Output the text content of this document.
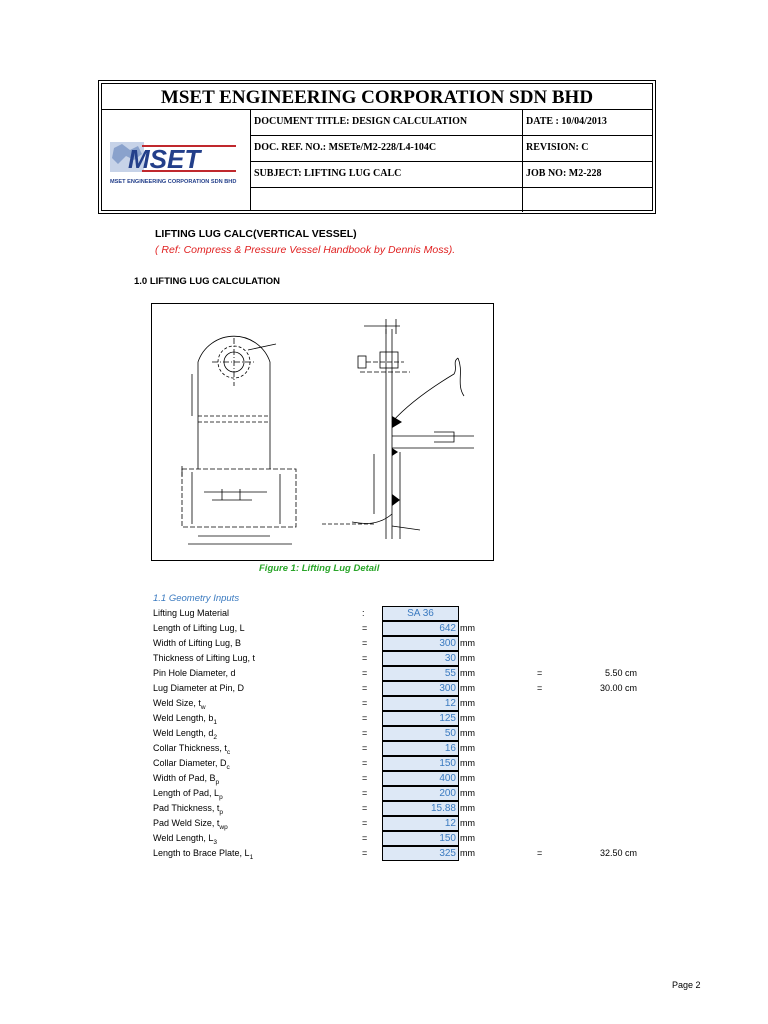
MSET ENGINEERING CORPORATION SDN BHD
MSET
MSET ENGINEERING CORPORATION SDN BHD
DOCUMENT TITLE: DESIGN CALCULATION	DATE : 10/04/2013
DOC. REF. NO.: MSETe/M2-228/L4-104C	REVISION: C
SUBJECT: LIFTING LUG CALC	JOB NO: M2-228
LIFTING LUG CALC(VERTICAL VESSEL)
( Ref: Compress & Pressure Vessel Handbook by Dennis Moss).
1.0 LIFTING LUG CALCULATION
Figure 1: Lifting Lug Detail
1.1 Geometry Inputs
Lifting Lug Material	:	SA 36
Length of Lifting Lug, L	=	642 mm
Width of Lifting Lug, B	=	300 mm
Thickness of Lifting Lug, t	=	30 mm
Pin Hole Diameter, d	=	55 mm	=	5.50 cm
Lug Diameter at Pin, D	=	300 mm	=	30.00 cm
Weld Size, $t_w$	=	12 mm
Weld Length, $b_1$	=	125 mm
Weld Length, $d_2$	=	50 mm
Collar Thickness, $t_c$	=	16 mm
Collar Diameter, $D_c$	=	150 mm
Width of Pad, $B_p$	=	400 mm
Length of Pad, $L_p$	=	200 mm
Pad Thickness, $t_p$	=	15.88 mm
Pad Weld Size, $t_{wp}$	=	12 mm
Weld Length, $L_3$	=	150 mm
Length to Brace Plate, $L_1$	=	325 mm	=	32.50 cm
Page 2
